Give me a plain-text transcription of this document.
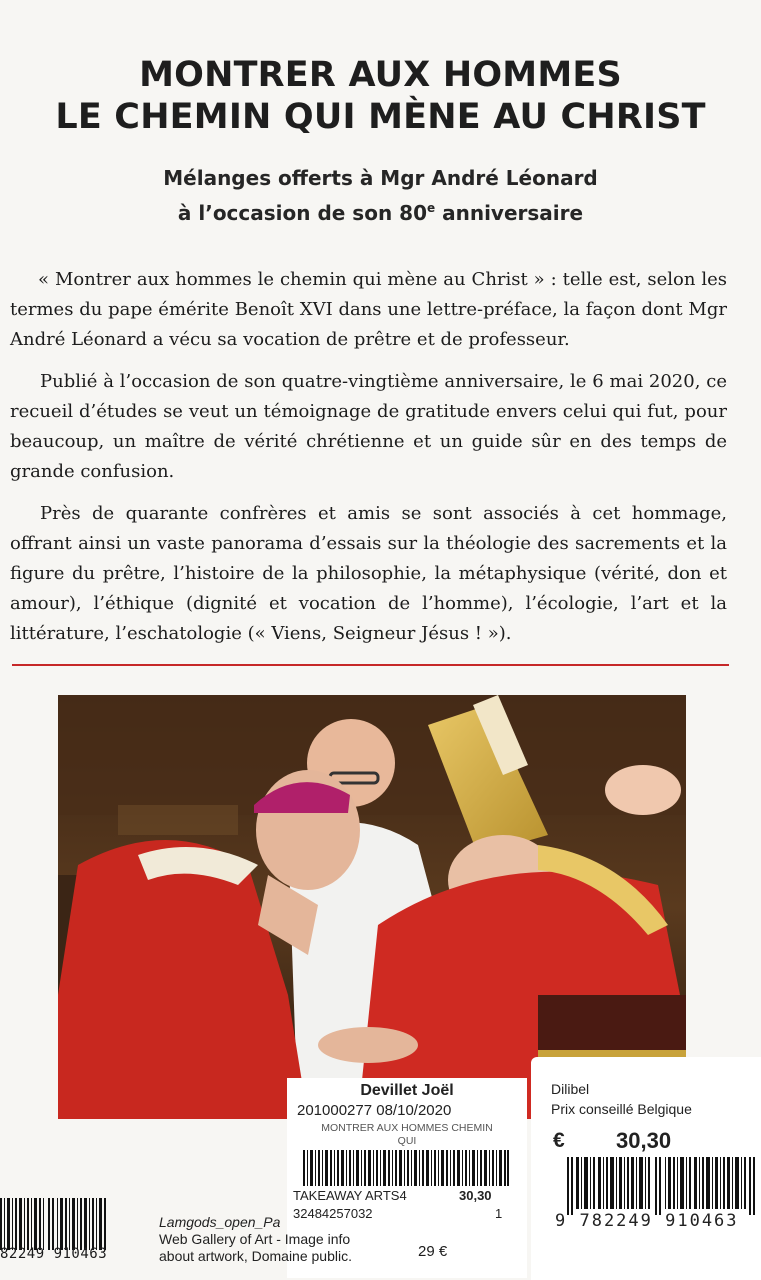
MONTRER AUX HOMMES
LE CHEMIN QUI MÈNE AU CHRIST
Mélanges offerts à Mgr André Léonard
à l’occasion de son 80e anniversaire

« Montrer aux hommes le chemin qui mène au Christ » : telle est, selon les termes du pape émérite Benoît XVI dans une lettre-préface, la façon dont Mgr André Léonard a vécu sa vocation de prêtre et de professeur.

Publié à l’occasion de son quatre-vingtième anniversaire, le 6 mai 2020, ce recueil d’études se veut un témoignage de gratitude envers celui qui fut, pour beaucoup, un maître de vérité chrétienne et un guide sûr en des temps de grande confusion.

Près de quarante confrères et amis se sont associés à cet hommage, offrant ainsi un vaste panorama d’essais sur la théologie des sacrements et la figure du prêtre, l’histoire de la philosophie, la métaphysique (vérité, don et amour), l’éthique (dignité et vocation de l’homme), l’écologie, l’art et la littérature, l’eschatologie (« Viens, Seigneur Jésus ! »).

Devillet Joël
201000277 08/10/2020
MONTRER AUX HOMMES CHEMIN
QUI
TAKEAWAY ARTS4	30,30
32484257032	1
Dilibel
Prix conseillé Belgique
€ 30,30
9 782249 910463
82249 910463
Lamgods_open_Pa
Web Gallery of Art - Image info
about artwork, Domaine public.	29 €
